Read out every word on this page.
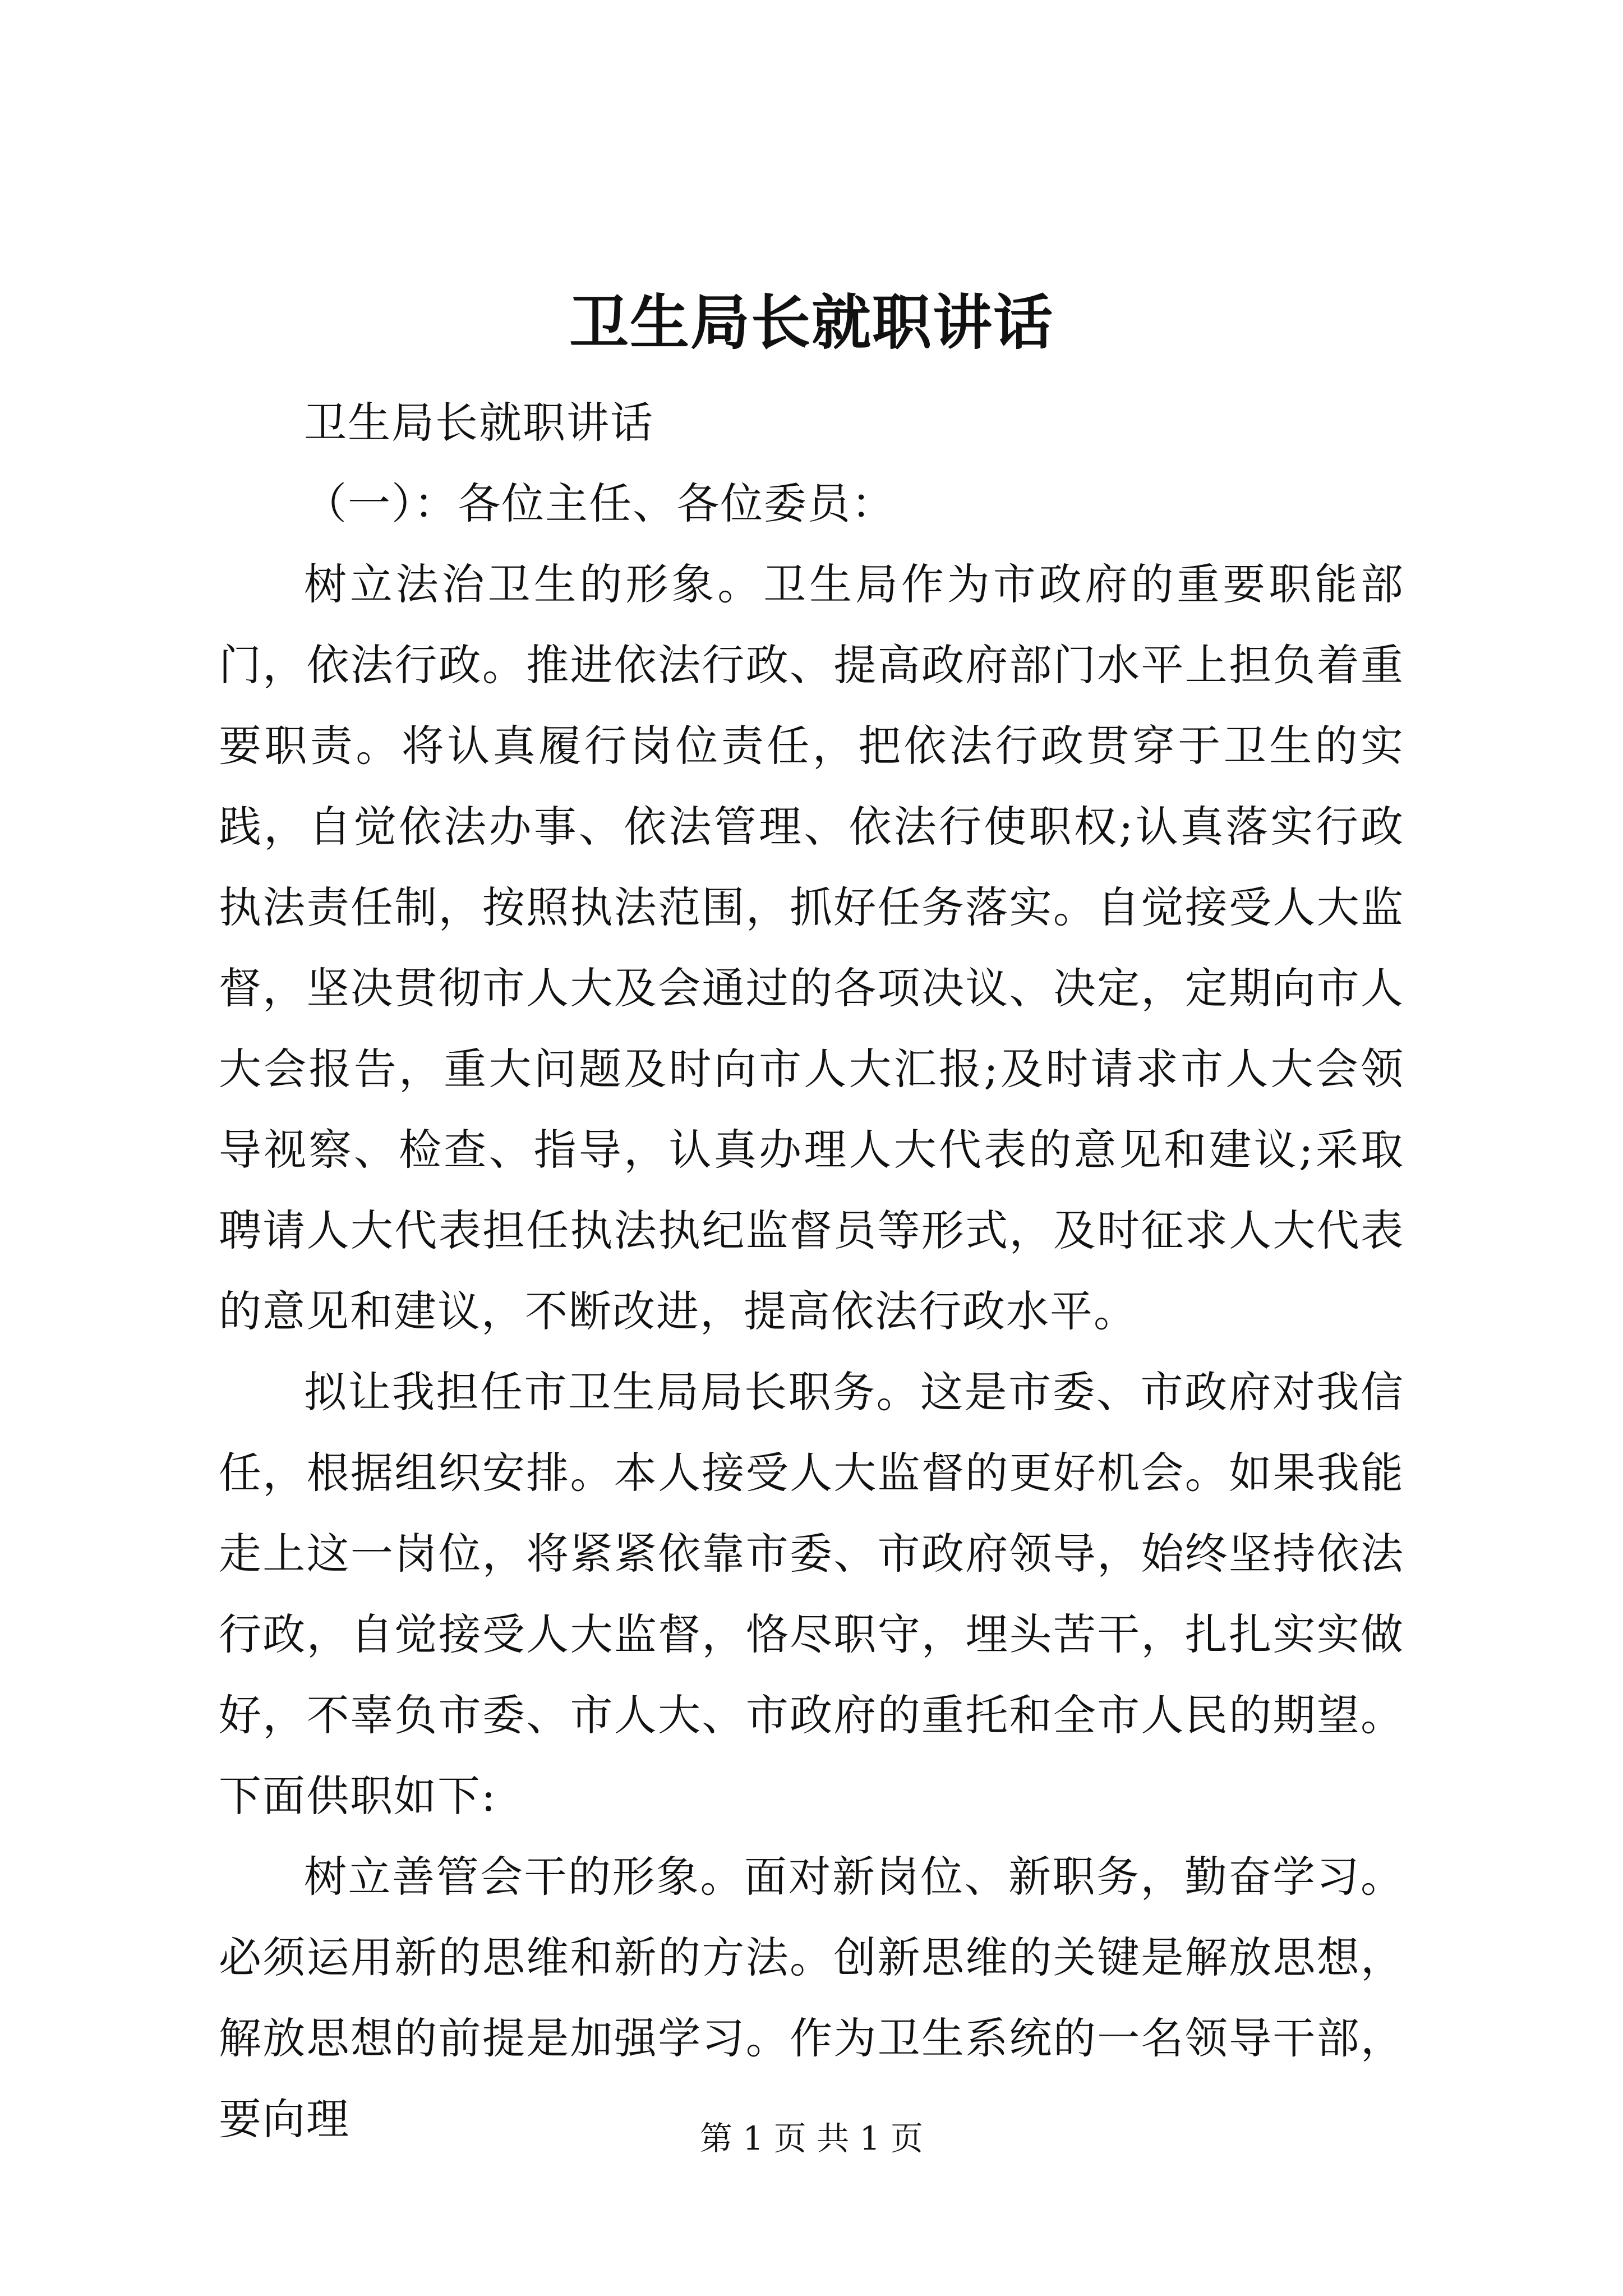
卫生局长就职讲话

卫生局长就职讲话

（一）：各位主任、各位委员：

树立法治卫生的形象。卫生局作为市政府的重要职能部门，依法行政。推进依法行政、提高政府部门水平上担负着重要职责。将认真履行岗位责任，把依法行政贯穿于卫生的实践，自觉依法办事、依法管理、依法行使职权;认真落实行政执法责任制，按照执法范围，抓好任务落实。自觉接受人大监督，坚决贯彻市人大及会通过的各项决议、决定，定期向市人大会报告，重大问题及时向市人大汇报;及时请求市人大会领导视察、检查、指导，认真办理人大代表的意见和建议;采取聘请人大代表担任执法执纪监督员等形式，及时征求人大代表的意见和建议，不断改进，提高依法行政水平。

拟让我担任市卫生局局长职务。这是市委、市政府对我信任，根据组织安排。本人接受人大监督的更好机会。如果我能走上这一岗位，将紧紧依靠市委、市政府领导，始终坚持依法行政，自觉接受人大监督，恪尽职守，埋头苦干，扎扎实实做好，不辜负市委、市人大、市政府的重托和全市人民的期望。下面供职如下:

树立善管会干的形象。面对新岗位、新职务，勤奋学习。必须运用新的思维和新的方法。创新思维的关键是解放思想，解放思想的前提是加强学习。作为卫生系统的一名领导干部，要向理	第 1 页 共 1 页
